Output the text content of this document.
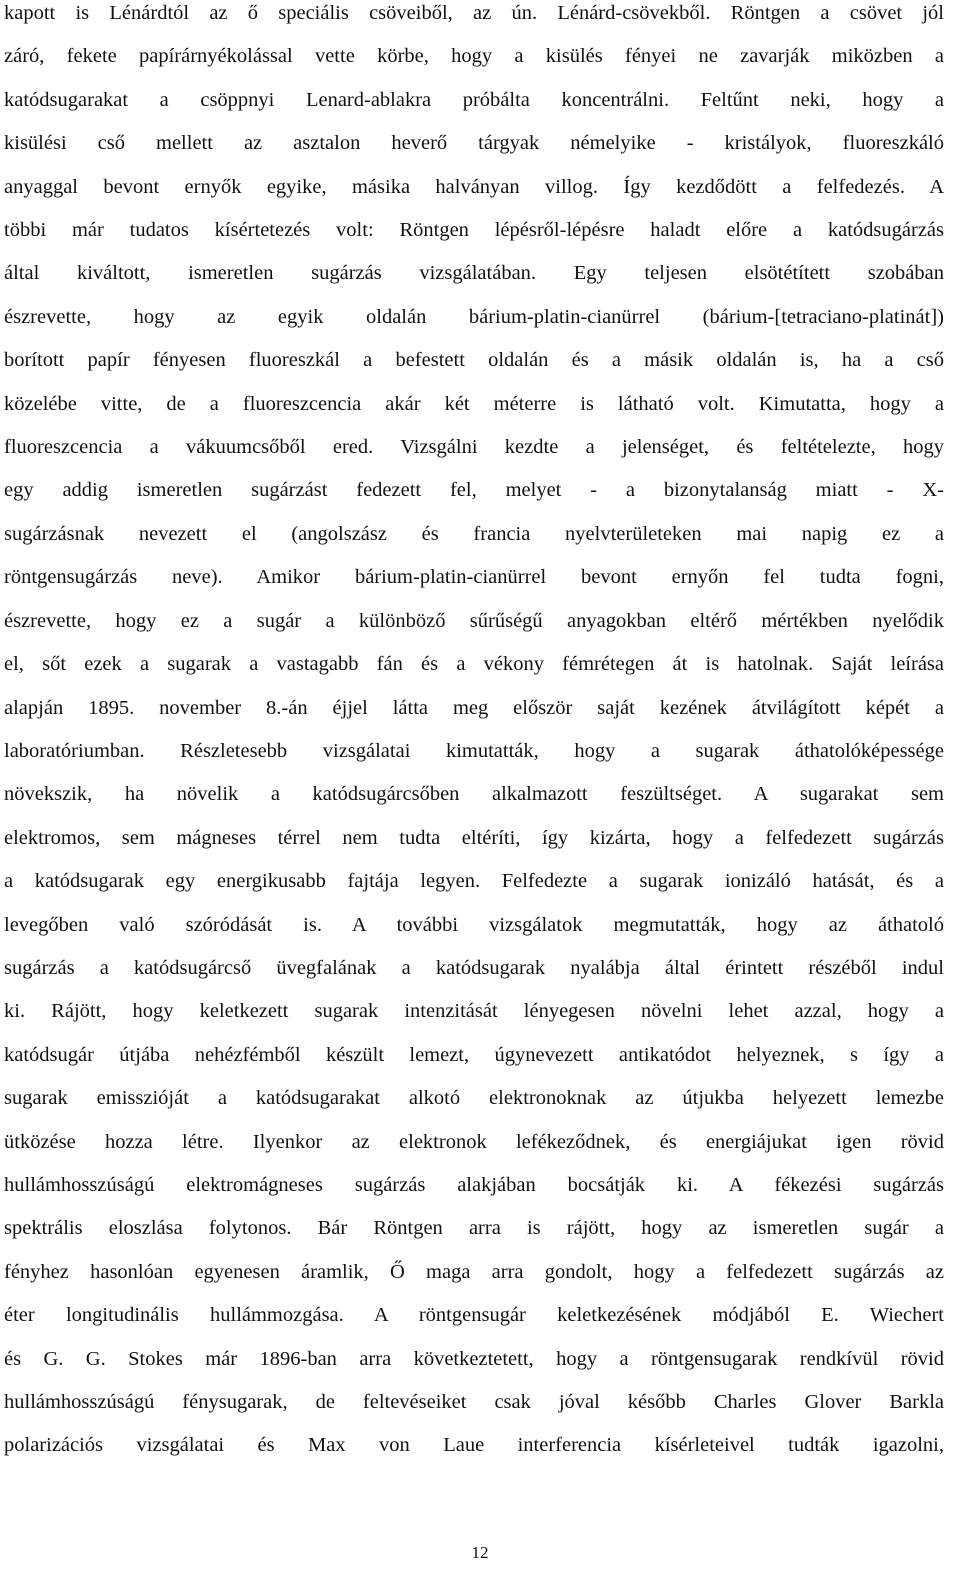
kapott is Lénárdtól az ő speciális csöveiből, az ún. Lénárd-csövekből. Röntgen a csövet jól
záró, fekete papírárnyékolással vette körbe, hogy a kisülés fényei ne zavarják miközben a
katódsugarakat a csöppnyi Lenard-ablakra próbálta koncentrálni. Feltűnt neki, hogy a
kisülési cső mellett az asztalon heverő tárgyak némelyike - kristályok, fluoreszkáló
anyaggal bevont ernyők egyike, másika halványan villog. Így kezdődött a felfedezés. A
többi már tudatos kísértetezés volt: Röntgen lépésről-lépésre haladt előre a katódsugárzás
által kiváltott, ismeretlen sugárzás vizsgálatában. Egy teljesen elsötétített szobában
észrevette, hogy az egyik oldalán bárium-platin-cianürrel (bárium-[tetraciano-platinát])
borított papír fényesen fluoreszkál a befestett oldalán és a másik oldalán is, ha a cső
közelébe vitte, de a fluoreszcencia akár két méterre is látható volt. Kimutatta, hogy a
fluoreszcencia a vákuumcsőből ered. Vizsgálni kezdte a jelenséget, és feltételezte, hogy
egy addig ismeretlen sugárzást fedezett fel, melyet - a bizonytalanság miatt - X-
sugárzásnak nevezett el (angolszász és francia nyelvterületeken mai napig ez a
röntgensugárzás neve). Amikor bárium-platin-cianürrel bevont ernyőn fel tudta fogni,
észrevette, hogy ez a sugár a különböző sűrűségű anyagokban eltérő mértékben nyelődik
el, sőt ezek a sugarak a vastagabb fán és a vékony fémrétegen át is hatolnak. Saját leírása
alapján 1895. november 8.-án éjjel látta meg először saját kezének átvilágított képét a
laboratóriumban. Részletesebb vizsgálatai kimutatták, hogy a sugarak áthatolóképessége
növekszik, ha növelik a katódsugárcsőben alkalmazott feszültséget. A sugarakat sem
elektromos, sem mágneses térrel nem tudta eltéríti, így kizárta, hogy a felfedezett sugárzás
a katódsugarak egy energikusabb fajtája legyen. Felfedezte a sugarak ionizáló hatását, és a
levegőben való szóródását is. A további vizsgálatok megmutatták, hogy az áthatoló
sugárzás a katódsugárcső üvegfalának a katódsugarak nyalábja által érintett részéből indul
ki. Rájött, hogy keletkezett sugarak intenzitását lényegesen növelni lehet azzal, hogy a
katódsugár útjába nehézfémből készült lemezt, úgynevezett antikatódot helyeznek, s így a
sugarak emisszióját a katódsugarakat alkotó elektronoknak az útjukba helyezett lemezbe
ütközése hozza létre. Ilyenkor az elektronok lefékeződnek, és energiájukat igen rövid
hullámhosszúságú elektromágneses sugárzás alakjában bocsátják ki. A fékezési sugárzás
spektrális eloszlása folytonos. Bár Röntgen arra is rájött, hogy az ismeretlen sugár a
fényhez hasonlóan egyenesen áramlik, Ő maga arra gondolt, hogy a felfedezett sugárzás az
éter longitudinális hullámmozgása. A röntgensugár keletkezésének módjából E. Wiechert
és G. G. Stokes már 1896-ban arra következtetett, hogy a röntgensugarak rendkívül rövid
hullámhosszúságú fénysugarak, de feltevéseiket csak jóval később Charles Glover Barkla
polarizációs vizsgálatai és Max von Laue interferencia kísérleteivel tudták igazolni,
12
